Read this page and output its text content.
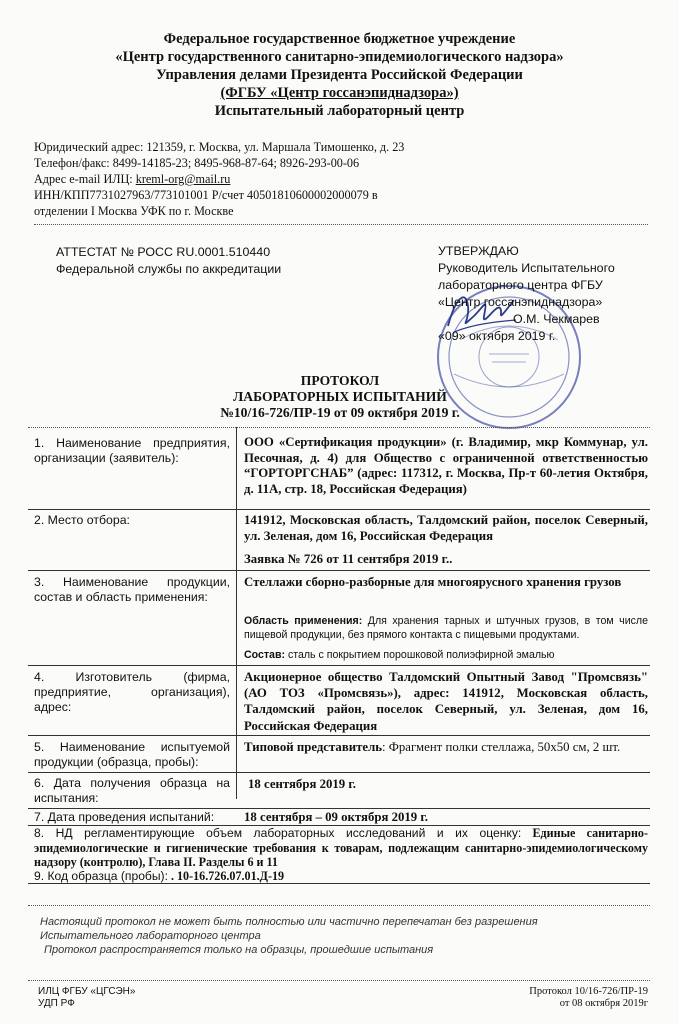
Федеральное государственное бюджетное учреждение
«Центр государственного санитарно-эпидемиологического надзора»
Управления делами Президента Российской Федерации
(ФГБУ «Центр госсанэпиднадзора»)
Испытательный лабораторный центр
Юридический адрес: 121359, г. Москва, ул. Маршала Тимошенко, д. 23
Телефон/факс: 8499-14185-23; 8495-968-87-64; 8926-293-00-06
Адрес e-mail ИЛЦ: kreml-org@mail.ru
ИНН/КПП7731027963/773101001 Р/счет 40501810600002000079 в
отделении I Москва УФК по г. Москве
АТТЕСТАТ № РОСС RU.0001.510440
Федеральной службы по аккредитации
УТВЕРЖДАЮ
Руководитель Испытательного
лабораторного центра ФГБУ
«Центр госсанэпиднадзора»
О.М. Чекмарев
«09» октября 2019 г.
ПРОТОКОЛ
ЛАБОРАТОРНЫХ ИСПЫТАНИЙ
№10/16-726/ПР-19 от 09 октября 2019 г.
1. Наименование предприятия, организации (заявитель):
ООО «Сертификация продукции» (г. Владимир, мкр Коммунар, ул. Песочная, д. 4) для Общество с ограниченной ответственностью “ГОРТОРГСНАБ” (адрес: 117312, г. Москва, Пр-т 60-летия Октября, д. 11А, стр. 18, Российская Федерация)
2. Место отбора:	141912, Московская область, Талдомский район, поселок Северный, ул. Зеленая, дом 16, Российская Федерация
Заявка № 726 от 11 сентября 2019 г..
3. Наименование продукции, состав и область применения:
Стеллажи сборно-разборные для многоярусного хранения грузов
Область применения: Для хранения тарных и штучных грузов, в том числе пищевой продукции, без прямого контакта с пищевыми продуктами.
Состав: сталь с покрытием порошковой полиэфирной эмалью
4. Изготовитель (фирма, предприятие, организация), адрес:
Акционерное общество Талдомский Опытный Завод "Промсвязь" (АО ТОЗ «Промсвязь»), адрес: 141912, Московская область, Талдомский район, поселок Северный, ул. Зеленая, дом 16, Российская Федерация
5. Наименование испытуемой продукции (образца, пробы):
Типовой представитель: Фрагмент полки стеллажа, 50х50 см, 2 шт.
6. Дата получения образца на испытания:
18 сентября 2019 г.
7. Дата проведения испытаний:	18 сентября – 09 октября 2019 г.
8. НД регламентирующие объем лабораторных исследований и их оценку: Единые санитарно-эпидемиологические и гигиенические требования к товарам, подлежащим санитарно-эпидемиологическому надзору (контролю), Глава II. Разделы 6 и 11
9. Код образца (пробы): . 10-16.726.07.01.Д-19
Настоящий протокол не может быть полностью или частично перепечатан без разрешения Испытательного лабораторного центра
Протокол распространяется только на образцы, прошедшие испытания
ИЛЦ ФГБУ «ЦГСЭН»
УДП РФ
Протокол 10/16-726/ПР-19
от 08 октября 2019г
